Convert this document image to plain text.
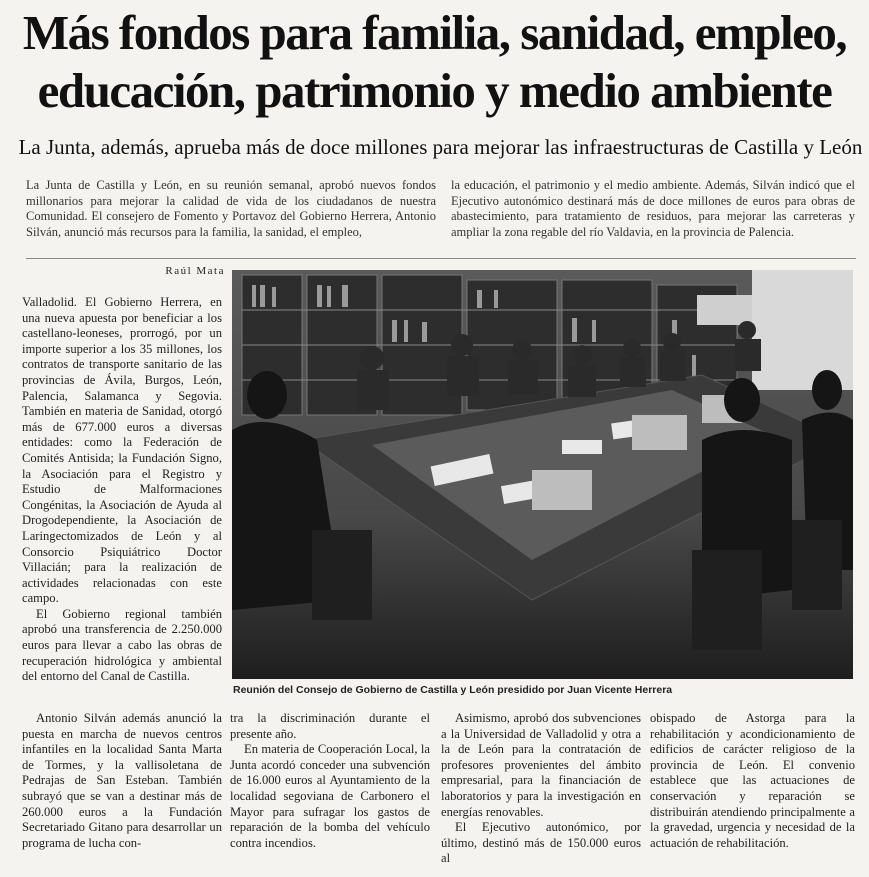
Más fondos para familia, sanidad, empleo,
educación, patrimonio y medio ambiente
La Junta, además, aprueba más de doce millones para mejorar las infraestructuras de Castilla y León
La Junta de Castilla y León, en su reunión semanal, aprobó nuevos fondos millonarios para mejorar la calidad de vida de los ciudadanos de nuestra Comunidad. El consejero de Fomento y Portavoz del Gobierno Herrera, Antonio Silván, anunció más recursos para la familia, la sanidad, el empleo,
la educación, el patrimonio y el medio ambiente. Además, Silván indicó que el Ejecutivo autonómico destinará más de doce millones de euros para obras de abastecimiento, para tratamiento de residuos, para mejorar las carreteras y ampliar la zona regable del río Valdavia, en la provincia de Palencia.
Raúl Mata

Valladolid. El Gobierno Herrera, en una nueva apuesta por beneficiar a los castellano-leoneses, prorrogó, por un importe superior a los 35 millones, los contratos de transporte sanitario de las provincias de Ávila, Burgos, León, Palencia, Salamanca y Segovia. También en materia de Sanidad, otorgó más de 677.000 euros a diversas entidades: como la Federación de Comités Antisida; la Fundación Signo, la Asociación para el Registro y Estudio de Malformaciones Congénitas, la Asociación de Ayuda al Drogodependiente, la Asociación de Laringectomizados de León y al Consorcio Psiquiátrico Doctor Villacián; para la realización de actividades relacionadas con este campo.

El Gobierno regional también aprobó una transferencia de 2.250.000 euros para llevar a cabo las obras de recuperación hidrológica y ambiental del entorno del Canal de Castilla.

Reunión del Consejo de Gobierno de Castilla y León presidido por Juan Vicente Herrera

Antonio Silván además anunció la puesta en marcha de nuevos centros infantiles en la localidad Santa Marta de Tormes, y la vallisoletana de Pedrajas de San Esteban. También subrayó que se van a destinar más de 260.000 euros a la Fundación Secretariado Gitano para desarrollar un programa de lucha con-

tra la discriminación durante el presente año.

En materia de Cooperación Local, la Junta acordó conceder una subvención de 16.000 euros al Ayuntamiento de la localidad segoviana de Carbonero el Mayor para sufragar los gastos de reparación de la bomba del vehículo contra incendios.

Asimismo, aprobó dos subvenciones a la Universidad de Valladolid y otra a la de León para la contratación de profesores provenientes del ámbito empresarial, para la financiación de laboratorios y para la investigación en energías renovables.

El Ejecutivo autonómico, por último, destinó más de 150.000 euros al

obispado de Astorga para la rehabilitación y acondicionamiento de edificios de carácter religioso de la provincia de León. El convenio establece que las actuaciones de conservación y reparación se distribuirán atendiendo principalmente a la gravedad, urgencia y necesidad de la actuación de rehabilitación.
